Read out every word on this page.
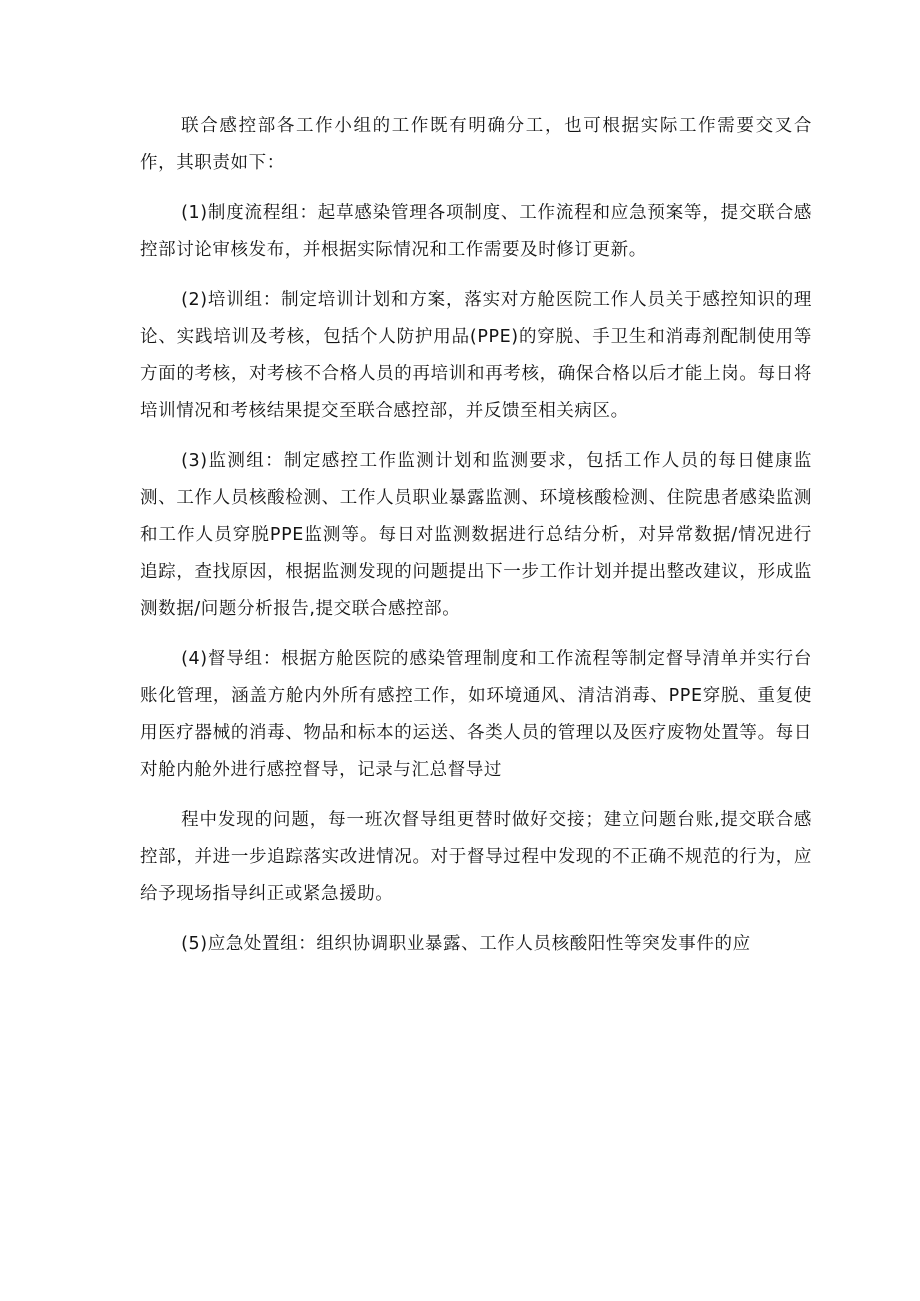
联合感控部各工作小组的工作既有明确分工，也可根据实际工作需要交叉合作，其职责如下：

(1)制度流程组：起草感染管理各项制度、工作流程和应急预案等，提交联合感控部讨论审核发布，并根据实际情况和工作需要及时修订更新。

(2)培训组：制定培训计划和方案，落实对方舱医院工作人员关于感控知识的理论、实践培训及考核，包括个人防护用品(PPE)的穿脱、手卫生和消毒剂配制使用等方面的考核，对考核不合格人员的再培训和再考核，确保合格以后才能上岗。每日将培训情况和考核结果提交至联合感控部，并反馈至相关病区。

(3)监测组：制定感控工作监测计划和监测要求，包括工作人员的每日健康监测、工作人员核酸检测、工作人员职业暴露监测、环境核酸检测、住院患者感染监测和工作人员穿脱PPE监测等。每日对监测数据进行总结分析，对异常数据/情况进行追踪，查找原因，根据监测发现的问题提出下一步工作计划并提出整改建议，形成监测数据/问题分析报告,提交联合感控部。

(4)督导组：根据方舱医院的感染管理制度和工作流程等制定督导清单并实行台账化管理，涵盖方舱内外所有感控工作，如环境通风、清洁消毒、PPE穿脱、重复使用医疗器械的消毒、物品和标本的运送、各类人员的管理以及医疗废物处置等。每日对舱内舱外进行感控督导，记录与汇总督导过

程中发现的问题，每一班次督导组更替时做好交接；建立问题台账,提交联合感控部，并进一步追踪落实改进情况。对于督导过程中发现的不正确不规范的行为，应给予现场指导纠正或紧急援助。

(5)应急处置组：组织协调职业暴露、工作人员核酸阳性等突发事件的应
